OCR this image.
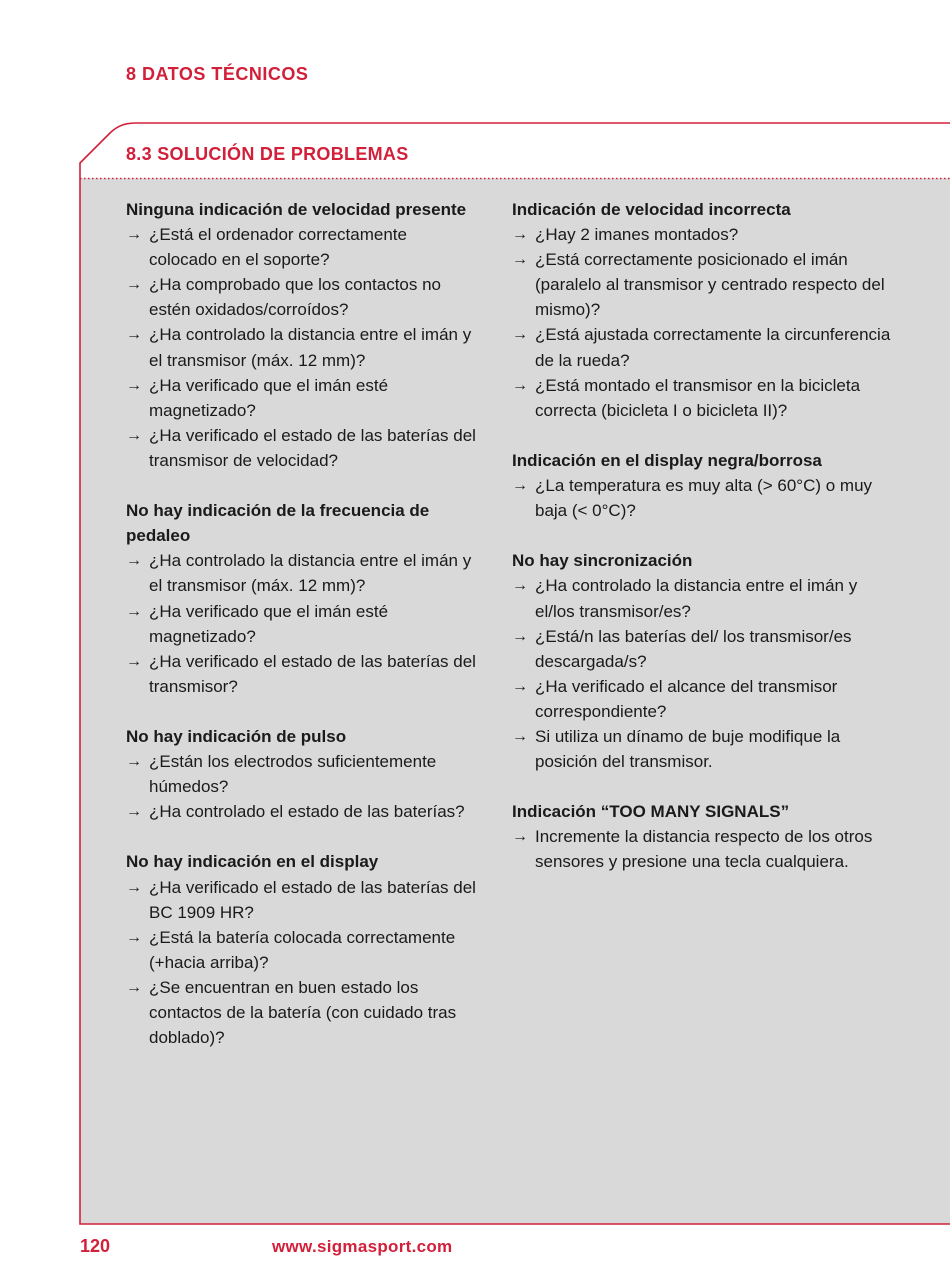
8 DATOS TÉCNICOS
8.3 SOLUCIÓN DE PROBLEMAS
Ninguna indicación de velocidad presente
→ ¿Está el ordenador correctamente colocado en el soporte?
→ ¿Ha comprobado que los contactos no estén oxidados/corroídos?
→ ¿Ha controlado la distancia entre el imán y el transmisor (máx. 12 mm)?
→ ¿Ha verificado que el imán esté magnetizado?
→ ¿Ha verificado el estado de las baterías del transmisor de velocidad?
No hay indicación de la frecuencia de pedaleo
→ ¿Ha controlado la distancia entre el imán y el transmisor (máx. 12 mm)?
→ ¿Ha verificado que el imán esté magnetizado?
→ ¿Ha verificado el estado de las baterías del transmisor?
No hay indicación de pulso
→ ¿Están los electrodos suficientemente húmedos?
→ ¿Ha controlado el estado de las baterías?
No hay indicación en el display
→ ¿Ha verificado el estado de las baterías del BC 1909 HR?
→ ¿Está la batería colocada correctamente (+hacia arriba)?
→ ¿Se encuentran en buen estado los contactos de la batería (con cuidado tras doblado)?
Indicación de velocidad incorrecta
→ ¿Hay 2 imanes montados?
→ ¿Está correctamente posicionado el imán (paralelo al transmisor y centrado respecto del mismo)?
→ ¿Está ajustada correctamente la circunferencia de la rueda?
→ ¿Está montado el transmisor en la bicicleta correcta (bicicleta I o bicicleta II)?
Indicación en el display negra/borrosa
→ ¿La temperatura es muy alta (> 60°C) o muy baja (< 0°C)?
No hay sincronización
→ ¿Ha controlado la distancia entre el imán y el/los transmisor/es?
→ ¿Está/n las baterías del/ los transmisor/es descargada/s?
→ ¿Ha verificado el alcance del transmisor correspondiente?
→ Si utiliza un dínamo de buje modifique la posición del transmisor.
Indicación “TOO MANY SIGNALS”
→ Incremente la distancia respecto de los otros sensores y presione una tecla cualquiera.
120	www.sigmasport.com
